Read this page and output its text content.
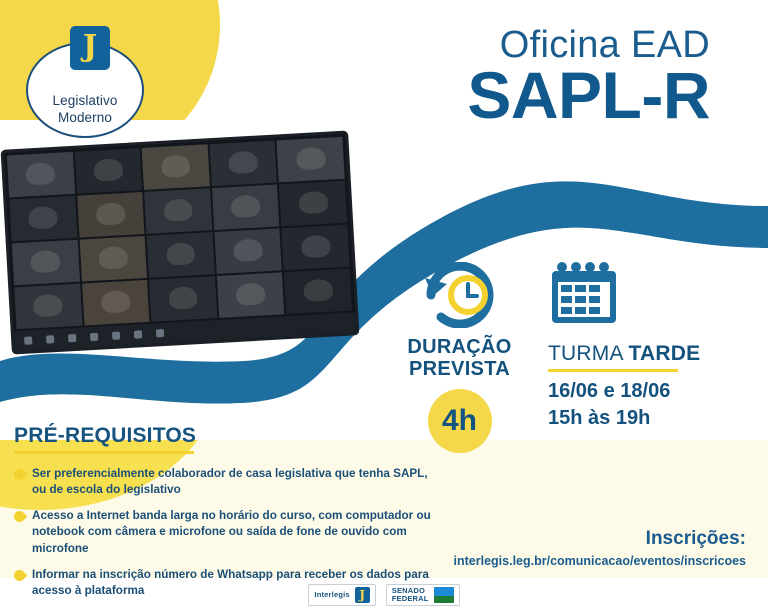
J
Legislativo
Moderno
Oficina EAD
SAPL-R
DURAÇÃO
PREVISTA
4h
TURMA TARDE
16/06 e 18/06
15h às 19h
PRÉ-REQUISITOS
Ser preferencialmente colaborador de casa legislativa que tenha SAPL, ou de escola do legislativo
Acesso a Internet banda larga no horário do curso, com computador ou notebook com câmera e microfone ou saída de fone de ouvido com microfone
Informar na inscrição número de Whatsapp para receber os dados para acesso à plataforma
Inscrições:
interlegis.leg.br/comunicacao/eventos/inscricoes
Interlegis J	SENADO
FEDERAL
